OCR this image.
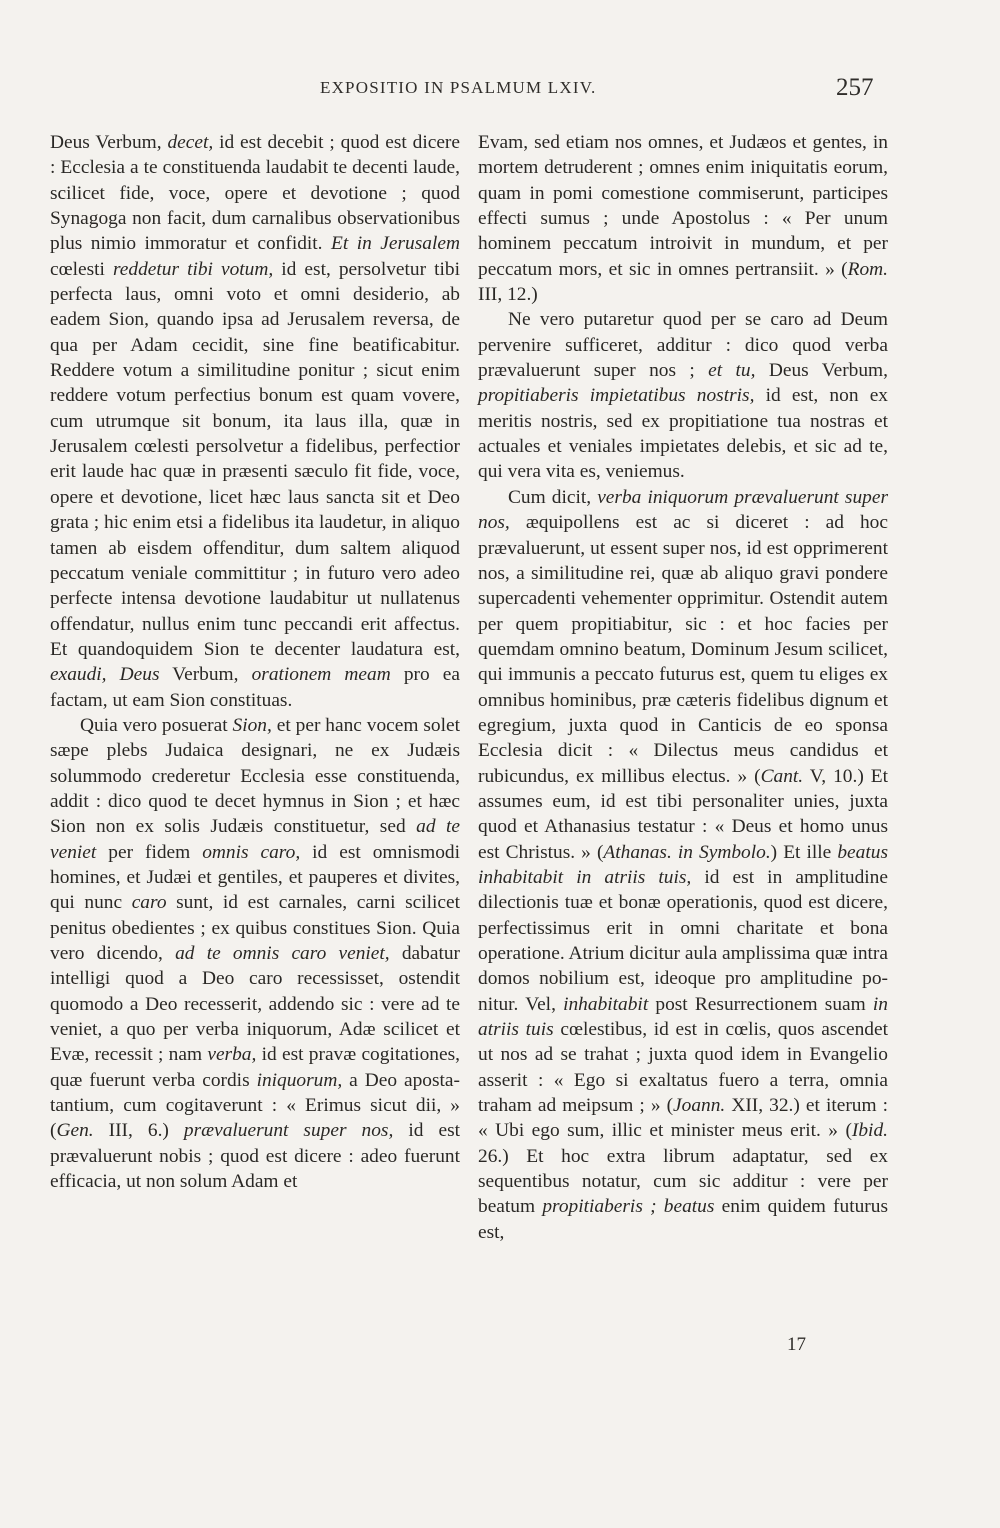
EXPOSITIO IN PSALMUM LXIV.	257

Deus Verbum, decet, id est decebit ; quod est dicere : Ecclesia a te constituenda laudabit te decenti laude, scilicet fide, voce, opere et devotione ; quod Synagoga non facit, dum carnalibus observationibus plus nimio immoratur et confidit. Et in Jerusalem cœlesti reddetur tibi votum, id est, persolvetur tibi perfecta laus, omni voto et omni desiderio, ab eadem Sion, quando ipsa ad Jerusalem reversa, de qua per Adam cecidit, sine fine beatificabitur. Reddere votum a similitudine ponitur ; sicut enim reddere votum perfectius bonum est quam vovere, cum utrumque sit bonum, ita laus illa, quæ in Jerusalem cœlesti persolvetur a fidelibus, perfectior erit laude hac quæ in præsenti sæculo fit fide, voce, opere et devotione, licet hæc laus sancta sit et Deo grata ; hic enim etsi a fidelibus ita laudetur, in aliquo tamen ab eisdem offenditur, dum saltem aliquod peccatum veniale committitur ; in futuro vero adeo perfecte intensa devotione laudabitur ut nullatenus offendatur, nullus enim tunc peccandi erit affectus. Et quandoquidem Sion te decenter laudatura est, exaudi, Deus Verbum, orationem meam pro ea factam, ut eam Sion constituas.

Quia vero posuerat Sion, et per hanc vocem solet sæpe plebs Judaica designari, ne ex Judæis solummodo crederetur Ecclesia esse constituenda, addit : dico quod te decet hymnus in Sion ; et hæc Sion non ex solis Judæis constituetur, sed ad te veniet per fidem omnis caro, id est omnismodi homines, et Judæi et gentiles, et pauperes et divites, qui nunc caro sunt, id est carnales, carni scilicet penitus obedientes ; ex quibus constitues Sion. Quia vero dicendo, ad te omnis caro veniet, dabatur intelligi quod a Deo caro recessisset, ostendit quomodo a Deo recesserit, addendo sic : vere ad te veniet, a quo per verba iniquorum, Adæ scilicet et Evæ, recessit ; nam verba, id est pravæ cogitationes, quæ fuerunt verba cordis iniquorum, a Deo apostatantium, cum cogitaverunt : « Erimus sicut dii, » (Gen. III, 6.) prævaluerunt super nos, id est prævaluerunt nobis ; quod est dicere : adeo fuerunt efficacia, ut non solum Adam et

Evam, sed etiam nos omnes, et Judæos et gentes, in mortem detruderent ; omnes enim iniquitatis eorum, quam in pomi comestione commiserunt, participes effecti sumus ; unde Apostolus : « Per unum hominem peccatum introivit in mundum, et per peccatum mors, et sic in omnes pertransiit. » (Rom. III, 12.)

Ne vero putaretur quod per se caro ad Deum pervenire sufficeret, additur : dico quod verba prævaluerunt super nos ; et tu, Deus Verbum, propitiaberis impietatibus nostris, id est, non ex meritis nostris, sed ex propitiatione tua nostras et actuales et veniales impietates delebis, et sic ad te, qui vera vita es, veniemus.

Cum dicit, verba iniquorum prævaluerunt super nos, æquipollens est ac si diceret : ad hoc prævaluerunt, ut essent super nos, id est opprimerent nos, a similitudine rei, quæ ab aliquo gravi pondere supercadenti vehementer opprimitur. Ostendit autem per quem propitiabitur, sic : et hoc facies per quemdam omnino beatum, Dominum Jesum scilicet, qui immunis a peccato futurus est, quem tu eliges ex omnibus hominibus, præ cæteris fidelibus dignum et egregium, juxta quod in Canticis de eo sponsa Ecclesia dicit : « Dilectus meus candidus et rubicundus, ex millibus electus. » (Cant. V, 10.) Et assumes eum, id est tibi personaliter unies, juxta quod et Athanasius testatur : « Deus et homo unus est Christus. » (Athanas. in Symbolo.) Et ille beatus inhabitabit in atriis tuis, id est in amplitudine dilectionis tuæ et bonæ operationis, quod est dicere, perfectissimus erit in omni charitate et bona operatione. Atrium dicitur aula amplissima quæ intra domos nobilium est, ideoque pro amplitudine ponitur. Vel, inhabitabit post Resurrectionem suam in atriis tuis cœlestibus, id est in cœlis, quos ascendet ut nos ad se trahat ; juxta quod idem in Evangelio asserit : « Ego si exaltatus fuero a terra, omnia traham ad meipsum ; » (Joann. XII, 32.) et iterum : « Ubi ego sum, illic et minister meus erit. » (Ibid. 26.) Et hoc extra librum adaptatur, sed ex sequentibus notatur, cum sic additur : vere per beatum propitiaberis ; beatus enim quidem futurus est,

17
